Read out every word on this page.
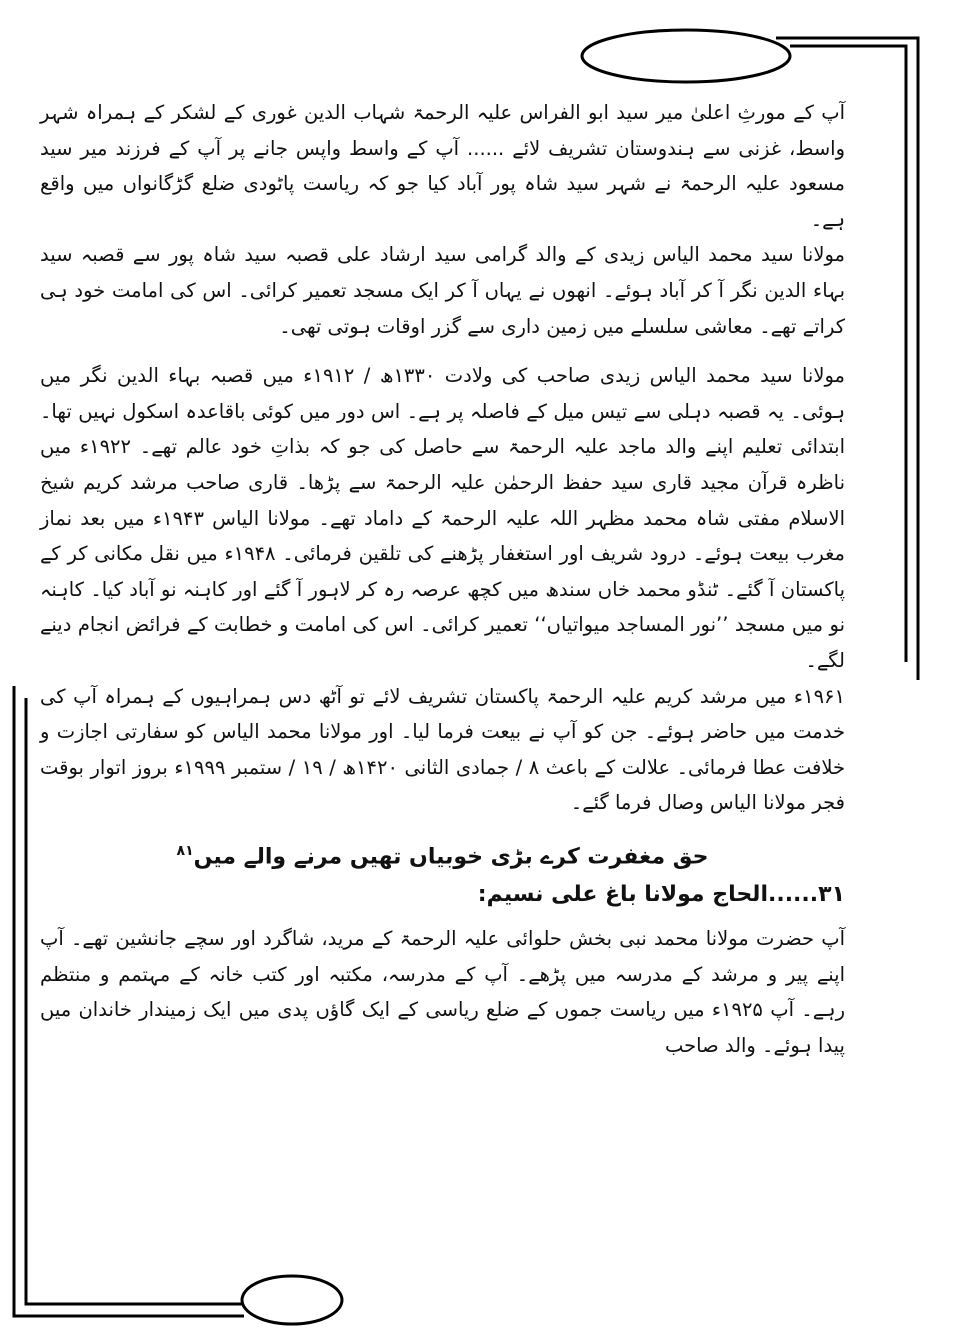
آپ کے مورثِ اعلیٰ میر سید ابو الفراس علیہ الرحمۃ شہاب الدین غوری کے لشکر کے ہمراہ شہر واسط، غزنی سے ہندوستان تشریف لائے ...... آپ کے واسط واپس جانے پر آپ کے فرزند میر سید مسعود علیہ الرحمۃ نے شہر سید شاہ پور آباد کیا جو کہ ریاست پاٹودی ضلع گڑگانواں میں واقع ہے۔

مولانا سید محمد الیاس زیدی کے والد گرامی سید ارشاد علی قصبہ سید شاہ پور سے قصبہ سید بہاء الدین نگر آ کر آباد ہوئے۔ انھوں نے یہاں آ کر ایک مسجد تعمیر کرائی۔ اس کی امامت خود ہی کراتے تھے۔ معاشی سلسلے میں زمین داری سے گزر اوقات ہوتی تھی۔

مولانا سید محمد الیاس زیدی صاحب کی ولادت ۱۳۳۰ھ / ۱۹۱۲ء میں قصبہ بہاء الدین نگر میں ہوئی۔ یہ قصبہ دہلی سے تیس میل کے فاصلہ پر ہے۔ اس دور میں کوئی باقاعدہ اسکول نہیں تھا۔ ابتدائی تعلیم اپنے والد ماجد علیہ الرحمۃ سے حاصل کی جو کہ بذاتِ خود عالم تھے۔ ۱۹۲۲ء میں ناظرہ قرآن مجید قاری سید حفظ الرحمٰن علیہ الرحمۃ سے پڑھا۔ قاری صاحب مرشد کریم شیخ الاسلام مفتی شاہ محمد مظہر اللہ علیہ الرحمۃ کے داماد تھے۔ مولانا الیاس ۱۹۴۳ء میں بعد نماز مغرب بیعت ہوئے۔ درود شریف اور استغفار پڑھنے کی تلقین فرمائی۔ ۱۹۴۸ء میں نقل مکانی کر کے پاکستان آ گئے۔ ٹنڈو محمد خاں سندھ میں کچھ عرصہ رہ کر لاہور آ گئے اور کاہنہ نو آباد کیا۔ کاہنہ نو میں مسجد ’’نور المساجد میواتیاں‘‘ تعمیر کرائی۔ اس کی امامت و خطابت کے فرائض انجام دینے لگے۔

۱۹۶۱ء میں مرشد کریم علیہ الرحمۃ پاکستان تشریف لائے تو آٹھ دس ہمراہیوں کے ہمراہ آپ کی خدمت میں حاضر ہوئے۔ جن کو آپ نے بیعت فرما لیا۔ اور مولانا محمد الیاس کو سفارتی اجازت و خلافت عطا فرمائی۔ علالت کے باعث ۸ / جمادی الثانی ۱۴۲۰ھ / ۱۹ / ستمبر ۱۹۹۹ء بروز اتوار بوقت فجر مولانا الیاس وصال فرما گئے۔

حق مغفرت کرے بڑی خوبیاں تھیں مرنے والے میں$^{۸۱}$
۳۱......الحاج مولانا باغ علی نسیم:

آپ حضرت مولانا محمد نبی بخش حلوائی علیہ الرحمۃ کے مرید، شاگرد اور سچے جانشین تھے۔ آپ اپنے پیر و مرشد کے مدرسہ میں پڑھے۔ آپ کے مدرسہ، مکتبہ اور کتب خانہ کے مہتمم و منتظم رہے۔ آپ ۱۹۲۵ء میں ریاست جموں کے ضلع ریاسی کے ایک گاؤں پدی میں ایک زمیندار خاندان میں پیدا ہوئے۔ والد صاحب
